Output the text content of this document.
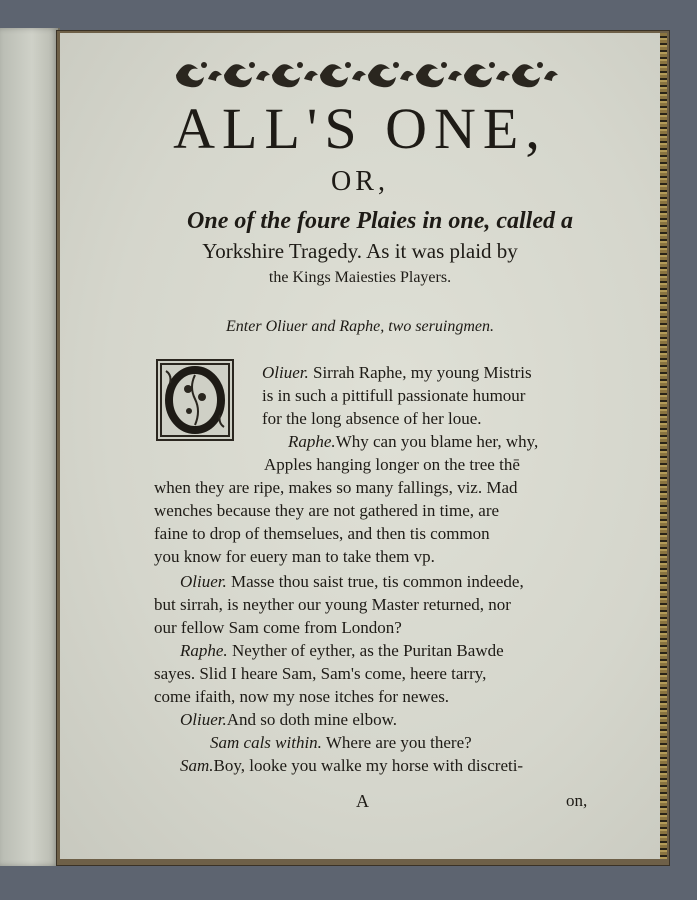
ALL'S ONE,
OR,
One of the foure Plaies in one, called a
Yorkshire Tragedy. As it was plaid by
the Kings Maiesties Players.
Enter Oliuer and Raphe, two seruingmen.
Oliuer. Sirrah Raphe, my young Mistris
is in such a pittifull passionate humour
for the long absence of her loue.
Raphe.Why can you blame her, why,
Apples hanging longer on the tree thē
when they are ripe, makes so many fallings, viz. Mad
wenches because they are not gathered in time, are
faine to drop of themselues, and then tis common
you know for euery man to take them vp.
Oliuer. Masse thou saist true, tis common indeede,
but sirrah, is neyther our young Master returned, nor
our fellow Sam come from London?
Raphe. Neyther of eyther, as the Puritan Bawde
sayes. Slid I heare Sam, Sam's come, heere tarry,
come ifaith, now my nose itches for newes.
Oliuer.And so doth mine elbow.
Sam cals within. Where are you there?
Sam.Boy, looke you walke my horse with discreti-
A	on,
